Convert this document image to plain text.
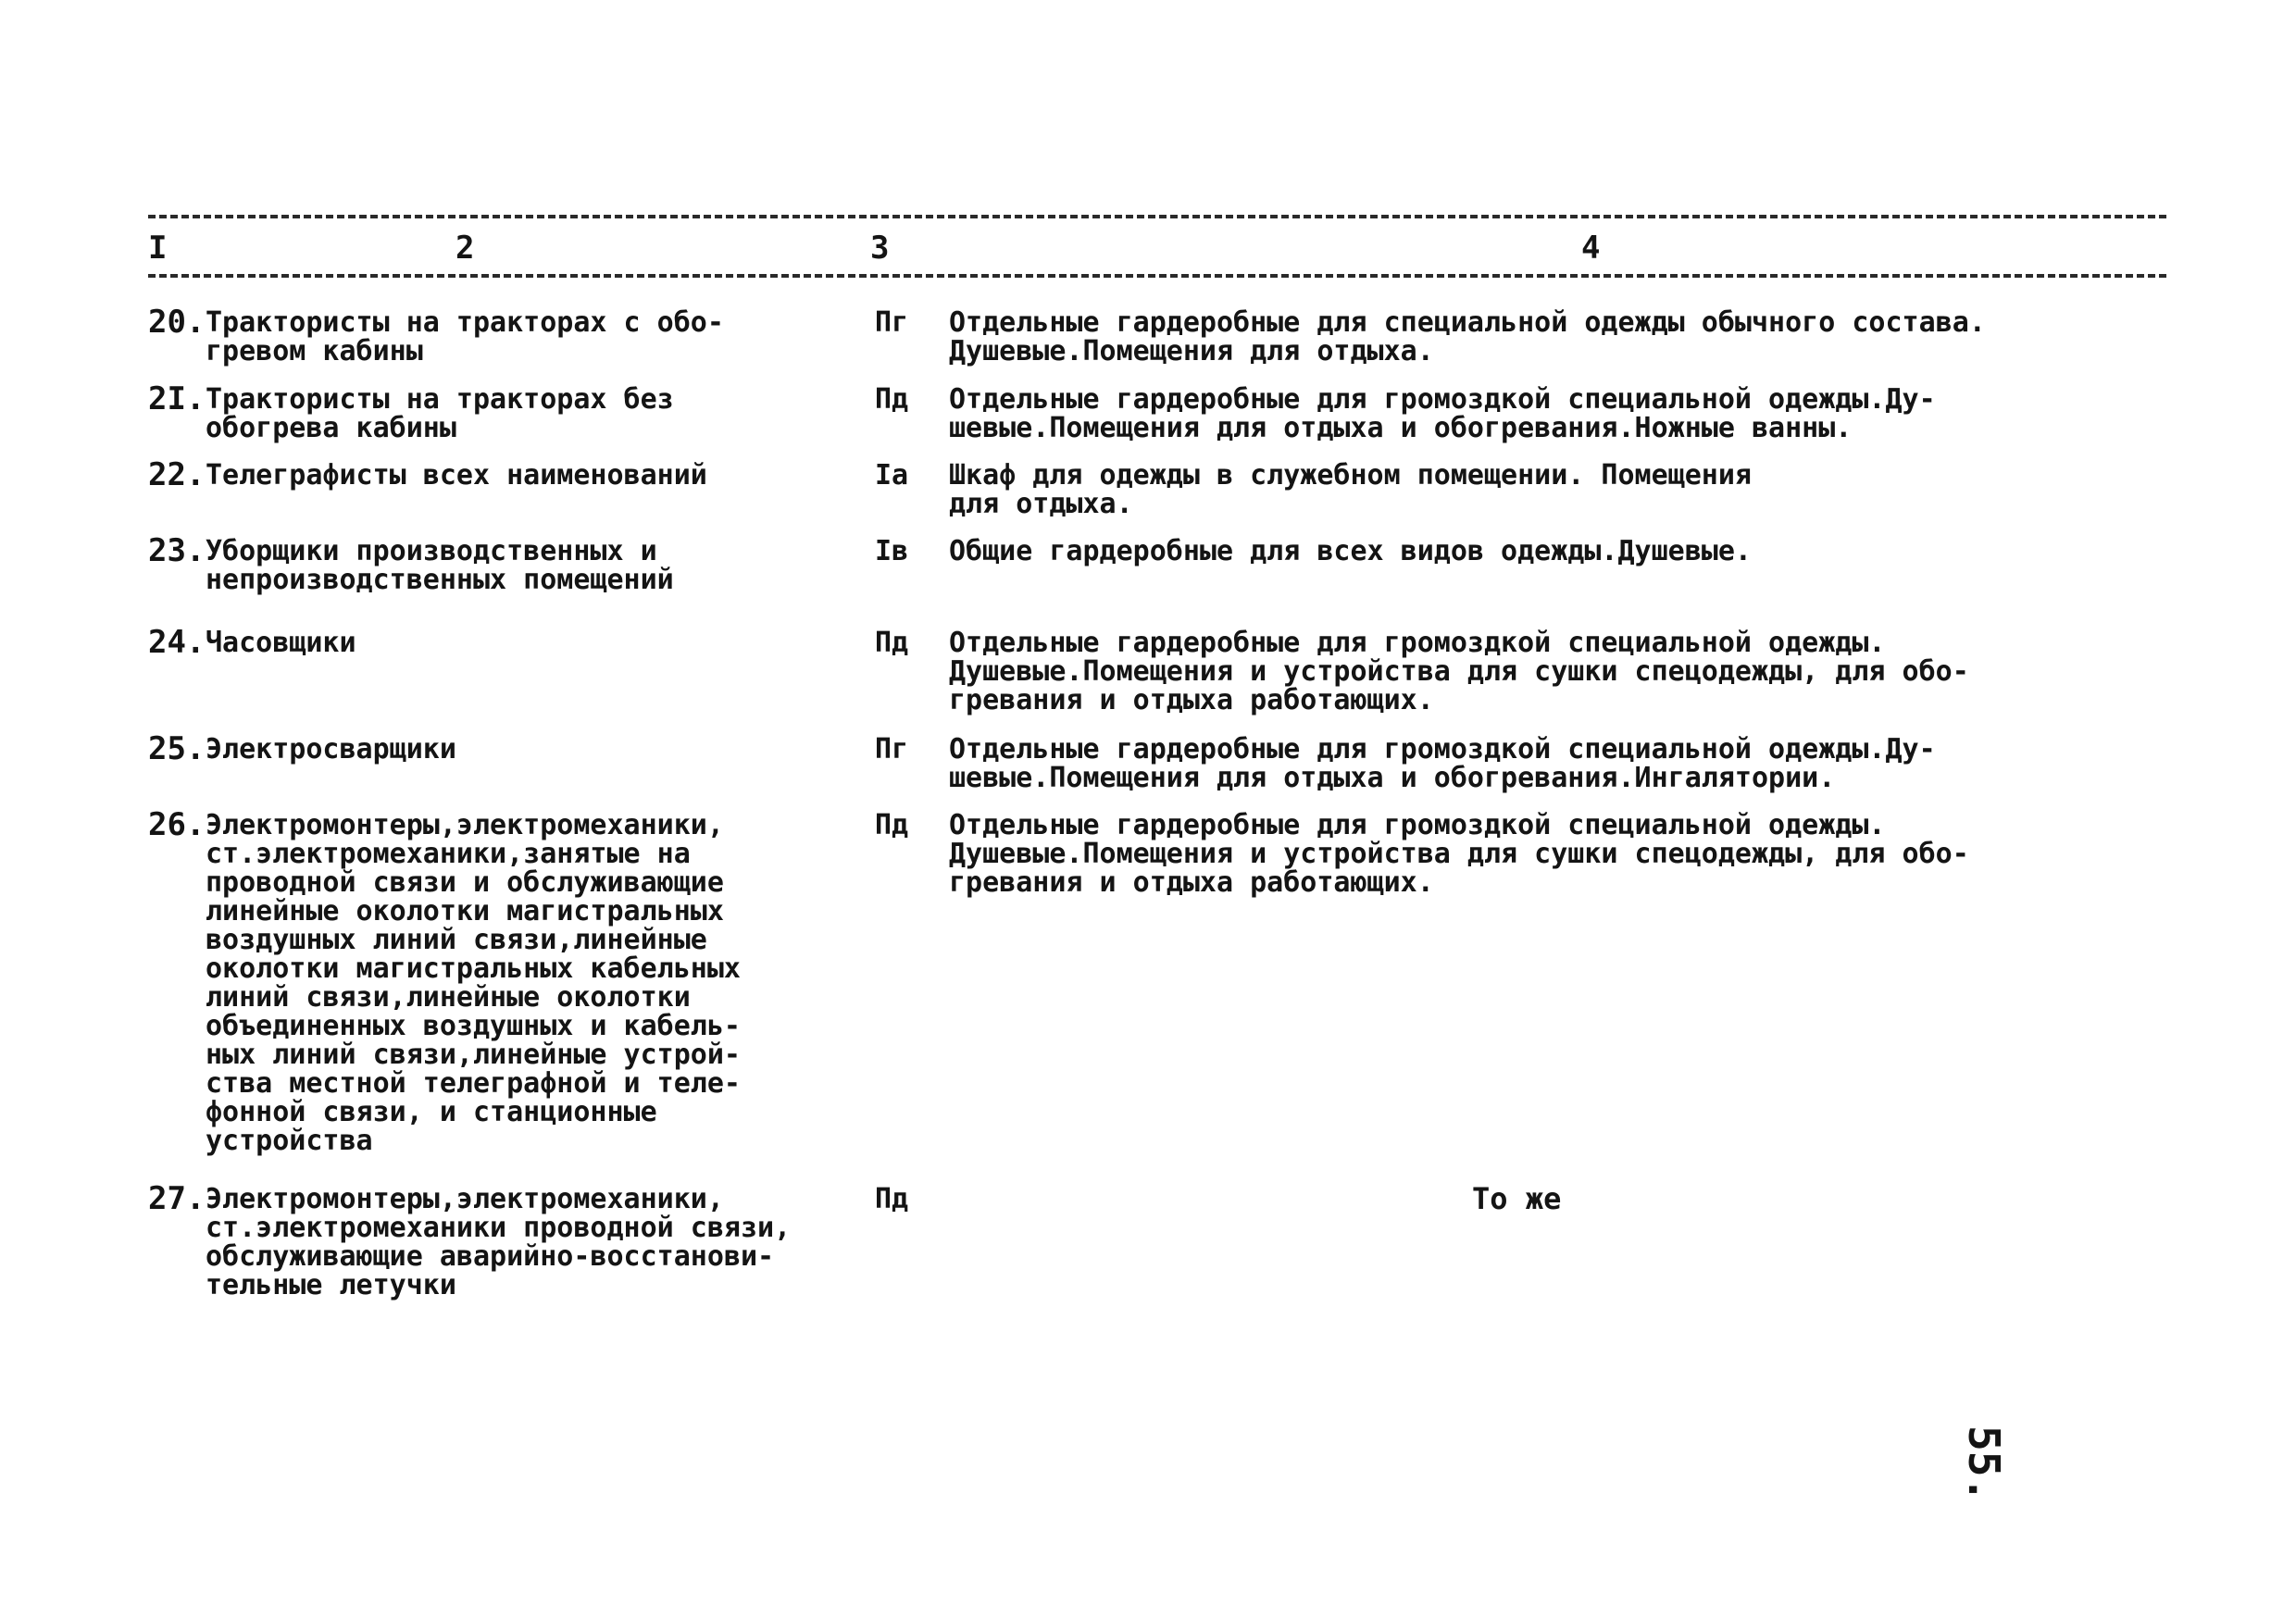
I	2	3	4
20. Трактористы на тракторах с обо-
гревом кабины
Пг	Отдельные гардеробные для специальной одежды обычного состава.
Душевые.Помещения для отдыха.
2I. Трактористы на тракторах без
обогрева кабины
Пд	Отдельные гардеробные для громоздкой специальной одежды.Ду-
шевые.Помещения для отдыха и обогревания.Ножные ванны.
22. Телеграфисты всех наименований	Iа	Шкаф для одежды в служебном помещении. Помещения
для отдыха.
23. Уборщики производственных и
непроизводственных помещений
Iв	Общие гардеробные для всех видов одежды.Душевые.
24. Часовщики	Пд	Отдельные гардеробные для громоздкой специальной одежды.
Душевые.Помещения и устройства для сушки спецодежды, для обо-
гревания и отдыха работающих.
25. Электросварщики	Пг	Отдельные гардеробные для громоздкой специальной одежды.Ду-
шевые.Помещения для отдыха и обогревания.Ингалятории.
26. Электромонтеры,электромеханики,
ст.электромеханики,занятые на
проводной связи и обслуживающие
линейные околотки магистральных
воздушных линий связи,линейные
околотки магистральных кабельных
линий связи,линейные околотки
объединенных воздушных и кабель-
ных линий связи,линейные устрой-
ства местной телеграфной и теле-
фонной связи, и станционные
устройства
Пд	Отдельные гардеробные для громоздкой специальной одежды.
Душевые.Помещения и устройства для сушки спецодежды, для обо-
гревания и отдыха работающих.
27. Электромонтеры,электромеханики,
ст.электромеханики проводной связи,
обслуживающие аварийно-восстанови-
тельные летучки
Пд	То же
55.
